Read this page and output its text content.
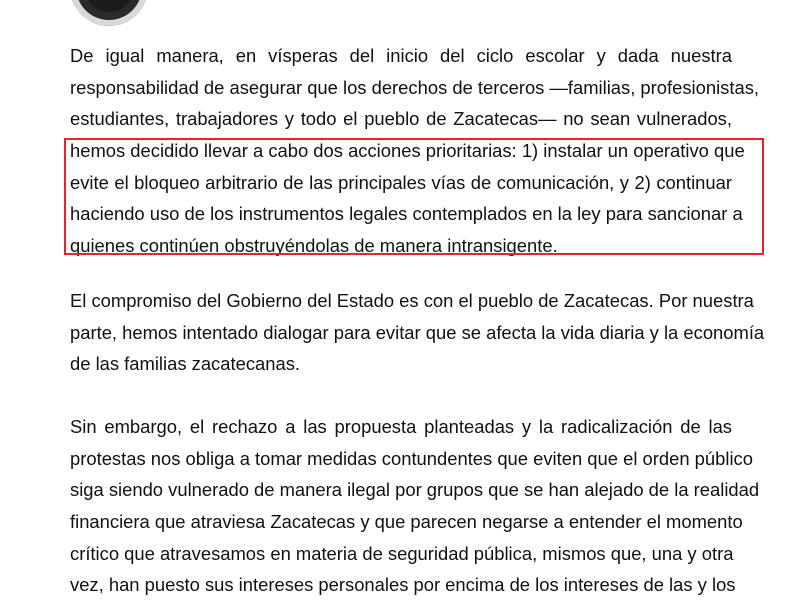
De igual manera, en vísperas del inicio del ciclo escolar y dada nuestra
responsabilidad de asegurar que los derechos de terceros —familias, profesionistas,
estudiantes, trabajadores y todo el pueblo de Zacatecas— no sean vulnerados,
hemos decidido llevar a cabo dos acciones prioritarias: 1) instalar un operativo que
evite el bloqueo arbitrario de las principales vías de comunicación, y 2) continuar
haciendo uso de los instrumentos legales contemplados en la ley para sancionar a
quienes continúen obstruyéndolas de manera intransigente.
El compromiso del Gobierno del Estado es con el pueblo de Zacatecas. Por nuestra
parte, hemos intentado dialogar para evitar que se afecta la vida diaria y la economía
de las familias zacatecanas.
Sin embargo, el rechazo a las propuesta planteadas y la radicalización de las
protestas nos obliga a tomar medidas contundentes que eviten que el orden público
siga siendo vulnerado de manera ilegal por grupos que se han alejado de la realidad
financiera que atraviesa Zacatecas y que parecen negarse a entender el momento
crítico que atravesamos en materia de seguridad pública, mismos que, una y otra
vez, han puesto sus intereses personales por encima de los intereses de las y los
